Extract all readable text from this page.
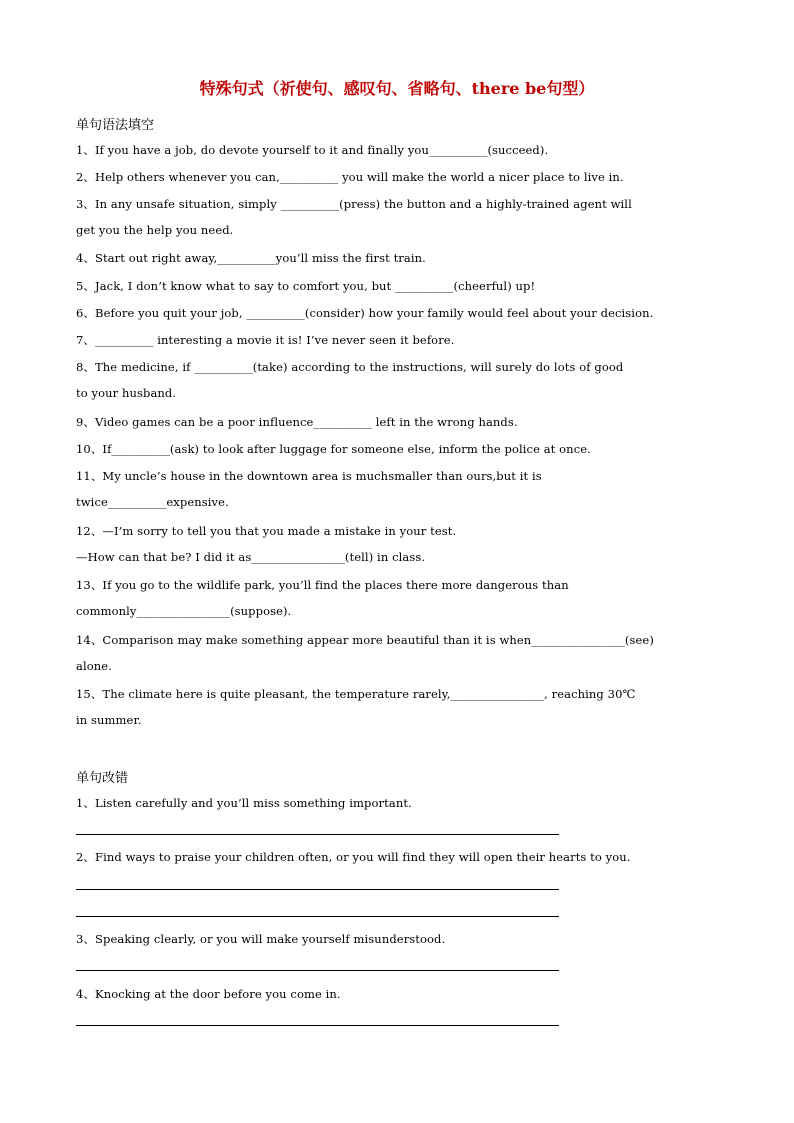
特殊句式（祈使句、感叹句、省略句、there be句型）
单句语法填空
1、If you have a job, do devote yourself to it and finally you__________(succeed).
2、Help others whenever you can,__________ you will make the world a nicer place to live in.
3、In any unsafe situation, simply __________(press) the button and a highly-trained agent will
get you the help you need.
4、Start out right away,__________you’ll miss the first train.
5、Jack, I don’t know what to say to comfort you, but __________(cheerful) up!
6、Before you quit your job, __________(consider) how your family would feel about your decision.
7、__________ interesting a movie it is! I’ve never seen it before.
8、The medicine, if __________(take) according to the instructions, will surely do lots of good
to your husband.
9、Video games can be a poor influence__________ left in the wrong hands.
10、If__________(ask) to look after luggage for someone else, inform the police at once.
11、My uncle’s house in the downtown area is muchsmaller than ours,but it is
twice__________expensive.
12、—I’m sorry to tell you that you made a mistake in your test.
—How can that be? I did it as________________(tell) in class.
13、If you go to the wildlife park, you’ll find the places there more dangerous than
commonly________________(suppose).
14、Comparison may make something appear more beautiful than it is when________________(see)
alone.
15、The climate here is quite pleasant, the temperature rarely,________________, reaching 30℃
in summer.
单句改错
1、Listen carefully and you’ll miss something important.
2、Find ways to praise your children often, or you will find they will open their hearts to you.
3、Speaking clearly, or you will make yourself misunderstood.
4、Knocking at the door before you come in.
